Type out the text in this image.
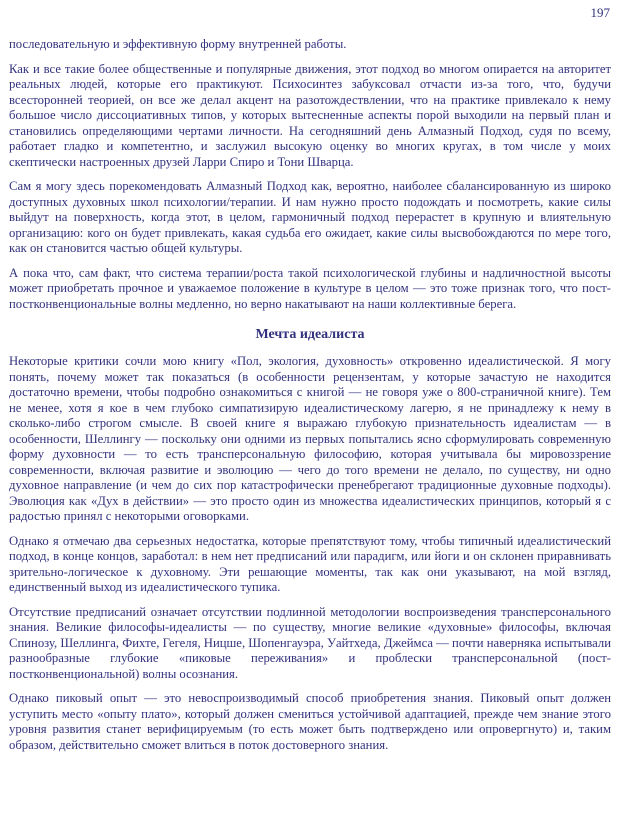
197

последовательную и эффективную форму внутренней работы.

Как и все такие более общественные и популярные движения, этот подход во многом опирается на авторитет реальных людей, которые его практикуют. Психосинтез забуксовал отчасти из-за того, что, будучи всесторонней теорией, он все же делал акцент на разотождествлении, что на практике привлекало к нему большое число диссоциативных типов, у которых вытесненные аспекты порой выходили на первый план и становились определяющими чертами личности. На сегодняшний день Алмазный Подход, судя по всему, работает гладко и компетентно, и заслужил высокую оценку во многих кругах, в том числе у моих скептически настроенных друзей Ларри Спиро и Тони Шварца.

Сам я могу здесь порекомендовать Алмазный Подход как, вероятно, наиболее сбалансированную из широко доступных духовных школ психологии/терапии. И нам нужно просто подождать и посмотреть, какие силы выйдут на поверхность, когда этот, в целом, гармоничный подход перерастет в крупную и влиятельную организацию: кого он будет привлекать, какая судьба его ожидает, какие силы высвобождаются по мере того, как он становится частью общей культуры.

А пока что, сам факт, что система терапии/роста такой психологической глубины и надличностной высоты может приобретать прочное и уважаемое положение в культуре в целом — это тоже признак того, что пост-постконвенциональные волны медленно, но верно накатывают на наши коллективные берега.

Мечта идеалиста

Некоторые критики сочли мою книгу «Пол, экология, духовность» откровенно идеалистической. Я могу понять, почему может так показаться (в особенности рецензентам, у которые зачастую не находится достаточно времени, чтобы подробно ознакомиться с книгой — не говоря уже о 800-страничной книге). Тем не менее, хотя я кое в чем глубоко симпатизирую идеалистическому лагерю, я не принадлежу к нему в сколько-либо строгом смысле. В своей книге я выражаю глубокую признательность идеалистам — в особенности, Шеллингу — поскольку они одними из первых попытались ясно сформулировать современную форму духовности — то есть трансперсональную философию, которая учитывала бы мировоззрение современности, включая развитие и эволюцию — чего до того времени не делало, по существу, ни одно духовное направление (и чем до сих пор катастрофически пренебрегают традиционные духовные подходы). Эволюция как «Дух в действии» — это просто один из множества идеалистических принципов, который я с радостью принял с некоторыми оговорками.

Однако я отмечаю два серьезных недостатка, которые препятствуют тому, чтобы типичный идеалистический подход, в конце концов, заработал: в нем нет предписаний или парадигм, или йоги и он склонен приравнивать зрительно-логическое к духовному. Эти решающие моменты, так как они указывают, на мой взгляд, единственный выход из идеалистического тупика.

Отсутствие предписаний означает отсутствии подлинной методологии воспроизведения трансперсонального знания. Великие философы-идеалисты — по существу, многие великие «духовные» философы, включая Спинозу, Шеллинга, Фихте, Гегеля, Ницше, Шопенгауэра, Уайтхеда, Джеймса — почти наверняка испытывали разнообразные глубокие «пиковые переживания» и проблески трансперсональной (пост-постконвенциональной) волны осознания.

Однако пиковый опыт — это невоспроизводимый способ приобретения знания. Пиковый опыт должен уступить место «опыту плато», который должен смениться устойчивой адаптацией, прежде чем знание этого уровня развития станет верифицируемым (то есть может быть подтверждено или опровергнуто) и, таким образом, действительно сможет влиться в поток достоверного знания.
